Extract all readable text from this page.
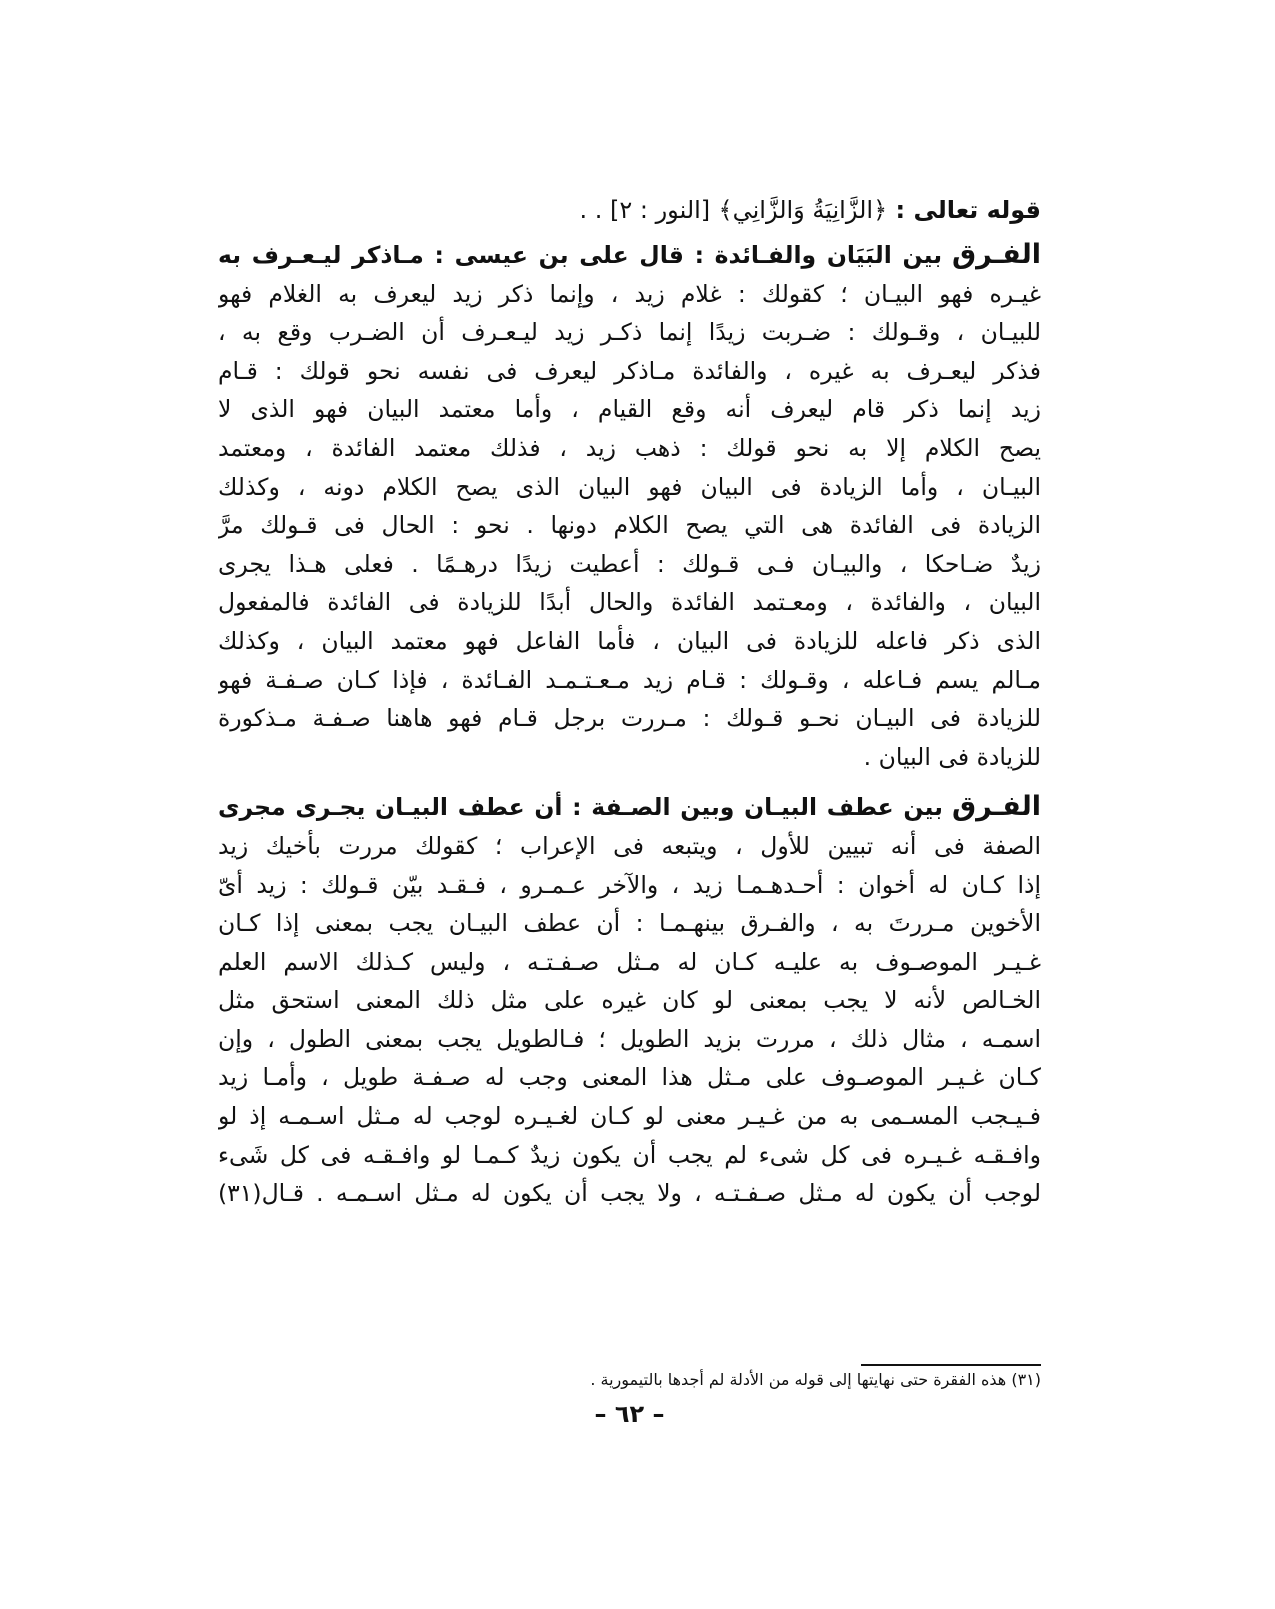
قوله تعالى : ﴿الزَّانِيَةُ وَالزَّانِي﴾ [النور : ٢] . .
الفـرق بين البَيَان والفـائدة : قال على بن عيسى : مـاذكر ليـعـرف به
غيـره فهو البيـان ؛ كقولك : غلام زيد ، وإنما ذكر زيد ليعرف به الغلام فهو
للبيـان ، وقـولك : ضـربت زيدًا إنما ذكـر زيد ليـعـرف أن الضـرب وقع به ،
فذكر ليعـرف به غيره ، والفائدة مـاذكر ليعرف فى نفسه نحو قولك : قـام
زيد إنما ذكر قام ليعرف أنه وقع القيام ، وأما معتمد البيان فهو الذى لا
يصح الكلام إلا به نحو قولك : ذهب زيد ، فذلك معتمد الفائدة ، ومعتمد
البيـان ، وأما الزيادة فى البيان فهو البيان الذى يصح الكلام دونه ، وكذلك
الزيادة فى الفائدة هى التي يصح الكلام دونها . نحو : الحال فى قـولك مرَّ
زيدٌ ضـاحكا ، والبيـان فـى قـولك : أعطيت زيدًا درهـمًا . فعلى هـذا يجرى
البيان ، والفائدة ، ومعـتمد الفائدة والحال أبدًا للزيادة فى الفائدة فالمفعول
الذى ذكر فاعله للزيادة فى البيان ، فأما الفاعل فهو معتمد البيان ، وكذلك
مـالم يسم فـاعله ، وقـولك : قـام زيد مـعـتـمـد الفـائدة ، فإذا كـان صـفـة فهو
للزيادة فى البيـان نحـو قـولك : مـررت برجل قـام فهو هاهنا صـفـة مـذكورة
للزيادة فى البيان .
الفـرق بين عطف البيـان وبين الصـفة : أن عطف البيـان يجـرى مجرى
الصفة فى أنه تبيين للأول ، ويتبعه فى الإعراب ؛ كقولك مررت بأخيك زيد
إذا كـان له أخوان : أحـدهـمـا زيد ، والآخر عـمـرو ، فـقـد بيّن قـولك : زيد أىّ
الأخوين مـررتَ به ، والفـرق بينهـمـا : أن عطف البيـان يجب بمعنى إذا كـان
غـيـر الموصـوف به عليـه كـان له مـثل صـفـتـه ، وليس كـذلك الاسم العلم
الخـالص لأنه لا يجب بمعنى لو كان غيره على مثل ذلك المعنى استحق مثل
اسمـه ، مثال ذلك ، مررت بزيد الطويل ؛ فـالطويل يجب بمعنى الطول ، وإن
كـان غـيـر الموصـوف على مـثل هذا المعنى وجب له صـفـة طويل ، وأمـا زيد
فـيـجب المسـمى به من غـيـر معنى لو كـان لغـيـره لوجب له مـثل اسـمـه إذ لو
وافـقـه غـيـره فى كل شىء لم يجب أن يكون زيدٌ كـمـا لو وافـقـه فى كل شَىء
لوجب أن يكون له مـثل صـفـتـه ، ولا يجب أن يكون له مـثل اسـمـه . قـال(٣١)
(٣١) هذه الفقرة حتى نهايتها إلى قوله من الأدلة لم أجدها بالتيمورية .
– ٦٢ –
